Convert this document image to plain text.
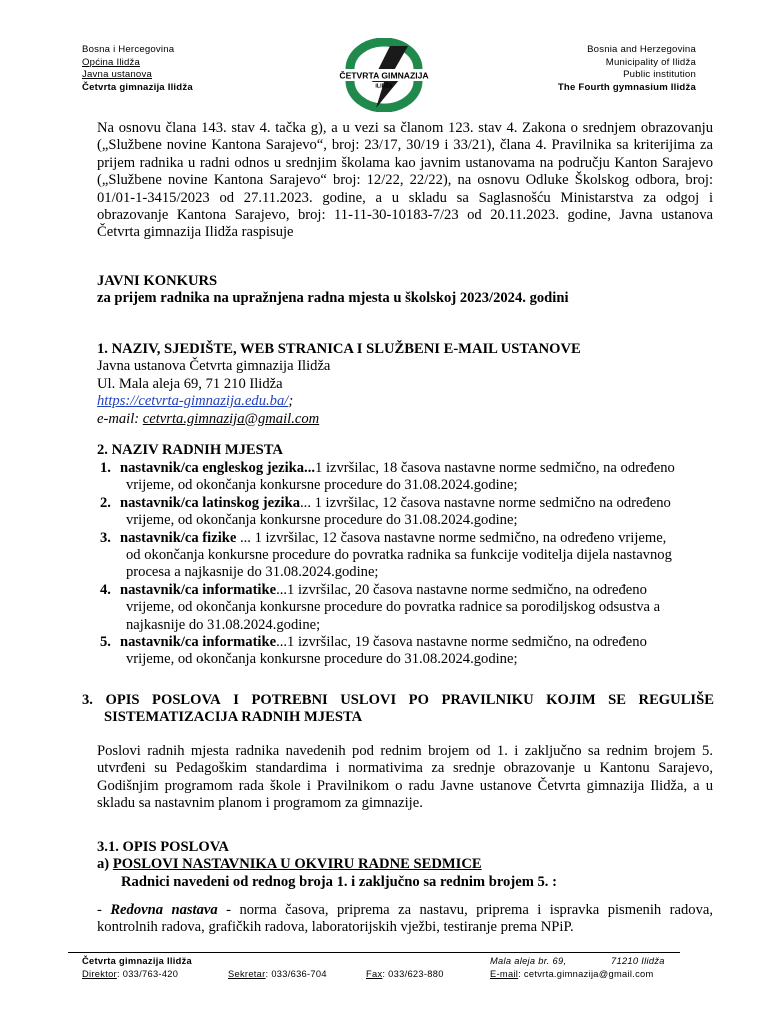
Bosna i Hercegovina
Općina Ilidža
Javna ustanova
Četvrta gimnazija Ilidža
ČETVRTA GIMNAZIJA
ILIDŽA
Bosnia and Herzegovina
Municipality of Ilidža
Public institution
The Fourth gymnasium Ilidža
Na osnovu člana 143. stav 4. tačka g), a u vezi sa članom 123. stav 4. Zakona o srednjem obrazovanju („Službene novine Kantona Sarajevo“, broj: 23/17, 30/19 i 33/21), člana 4. Pravilnika sa kriterijima za prijem radnika u radni odnos u srednjim školama kao javnim ustanovama na području Kanton Sarajevo („Službene novine Kantona Sarajevo“ broj: 12/22, 22/22), na osnovu Odluke Školskog odbora, broj: 01/01-1-3415/2023 od 27.11.2023. godine, a u skladu sa Saglasnošću Ministarstva za odgoj i obrazovanje Kantona Sarajevo, broj: 11-11-30-10183-7/23 od 20.11.2023. godine, Javna ustanova Četvrta gimnazija Ilidža raspisuje
JAVNI KONKURS
za prijem radnika na upražnjena radna mjesta u školskoj 2023/2024. godini
1. NAZIV, SJEDIŠTE, WEB STRANICA I SLUŽBENI E-MAIL USTANOVE
Javna ustanova Četvrta gimnazija Ilidža
Ul. Mala aleja 69, 71 210 Ilidža
https://cetvrta-gimnazija.edu.ba/;
e-mail: cetvrta.gimnazija@gmail.com
2. NAZIV RADNIH MJESTA
1. nastavnik/ca engleskog jezika...1 izvršilac, 18 časova nastavne norme sedmično, na određeno
vrijeme, od okončanja konkursne procedure do 31.08.2024.godine;
2. nastavnik/ca latinskog jezika... 1 izvršilac, 12 časova nastavne norme sedmično na određeno
vrijeme, od okončanja konkursne procedure do 31.08.2024.godine;
3. nastavnik/ca fizike ... 1 izvršilac, 12 časova nastavne norme sedmično, na određeno vrijeme,
od okončanja konkursne procedure do povratka radnika sa funkcije voditelja dijela nastavnog
procesa a najkasnije do 31.08.2024.godine;
4. nastavnik/ca informatike...1 izvršilac, 20 časova nastavne norme sedmično, na određeno
vrijeme, od okončanja konkursne procedure do povratka radnice sa porodiljskog odsustva a
najkasnije do 31.08.2024.godine;
5. nastavnik/ca informatike...1 izvršilac, 19 časova nastavne norme sedmično, na određeno
vrijeme, od okončanja konkursne procedure do 31.08.2024.godine;
3. OPIS POSLOVA I POTREBNI USLOVI PO PRAVILNIKU KOJIM SE REGULIŠE
SISTEMATIZACIJA RADNIH MJESTA
Poslovi radnih mjesta radnika navedenih pod rednim brojem od 1. i zaključno sa rednim brojem 5. utvrđeni su Pedagoškim standardima i normativima za srednje obrazovanje u Kantonu Sarajevo, Godišnjim programom rada škole i Pravilnikom o radu Javne ustanove Četvrta gimnazija Ilidža, a u skladu sa nastavnim planom i programom za gimnazije.
3.1. OPIS POSLOVA
a) POSLOVI NASTAVNIKA U OKVIRU RADNE SEDMICE
Radnici navedeni od rednog broja 1. i zaključno sa rednim brojem 5. :
- Redovna nastava - norma časova, priprema za nastavu, priprema i ispravka pismenih radova, kontrolnih radova, grafičkih radova, laboratorijskih vježbi, testiranje prema NPiP.
Četvrta gimnazija Ilidža	Mala aleja br. 69,	71210 Ilidža
Direktor: 033/763-420	Sekretar: 033/636-704	Fax: 033/623-880	E-mail: cetvrta.gimnazija@gmail.com
